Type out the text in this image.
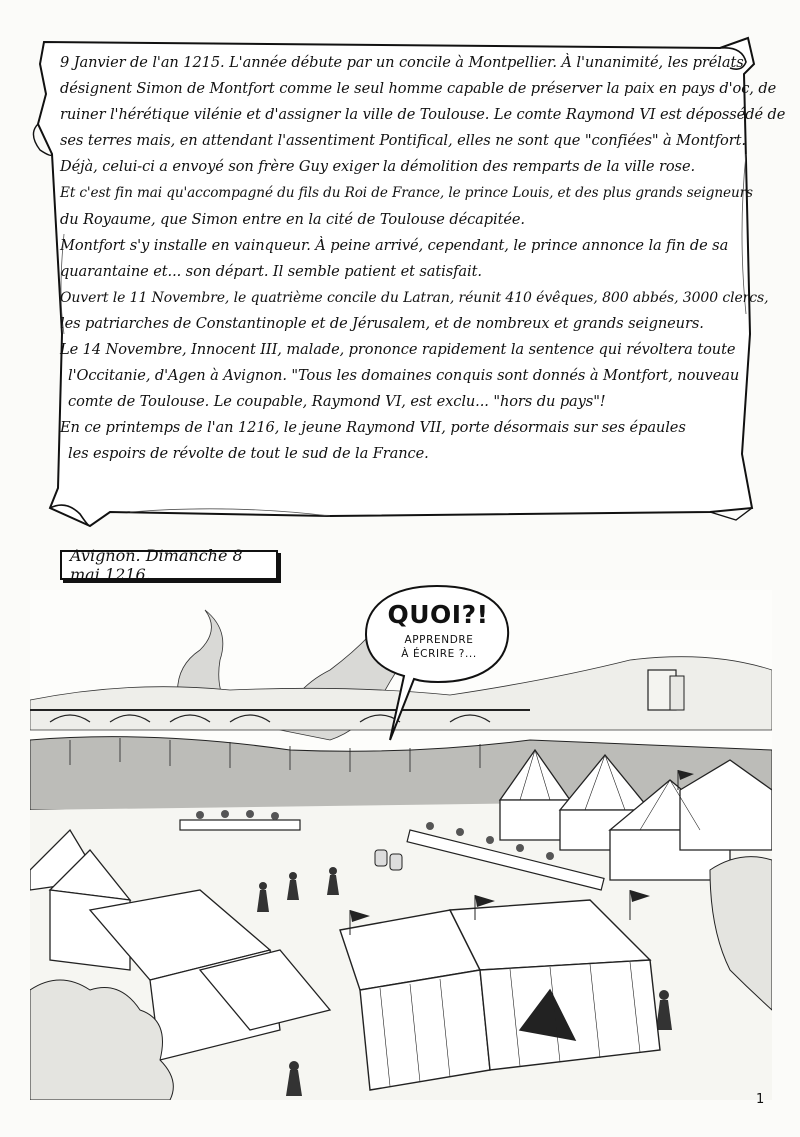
9 Janvier de l'an 1215. L'année débute par un concile à Montpellier. À l'unanimité, les prélats
désignent Simon de Montfort comme le seul homme capable de préserver la paix en pays d'oc, de
ruiner l'hérétique vilénie et d'assigner la ville de Toulouse. Le comte Raymond VI est dépossédé de
ses terres mais, en attendant l'assentiment Pontifical, elles ne sont que "confiées" à Montfort.
Déjà, celui-ci a envoyé son frère Guy exiger la démolition des remparts de la ville rose.
Et c'est fin mai qu'accompagné du fils du Roi de France, le prince Louis, et des plus grands seigneurs
du Royaume, que Simon entre en la cité de Toulouse décapitée.
Montfort s'y installe en vainqueur. À peine arrivé, cependant, le prince annonce la fin de sa
quarantaine et... son départ. Il semble patient et satisfait.
Ouvert le 11 Novembre, le quatrième concile du Latran, réunit 410 évêques, 800 abbés, 3000 clercs,
les patriarches de Constantinople et de Jérusalem, et de nombreux et grands seigneurs.
Le 14 Novembre, Innocent III, malade, prononce rapidement la sentence qui révoltera toute
l'Occitanie, d'Agen à Avignon. "Tous les domaines conquis sont donnés à Montfort, nouveau
comte de Toulouse. Le coupable, Raymond VI, est exclu... "hors du pays"!
En ce printemps de l'an 1216, le jeune Raymond VII, porte désormais sur ses épaules
les espoirs de révolte de tout le sud de la France.
Avignon. Dimanche 8 mai 1216.
QUOI?!
APPRENDRE
À ÉCRIRE ?...
1
